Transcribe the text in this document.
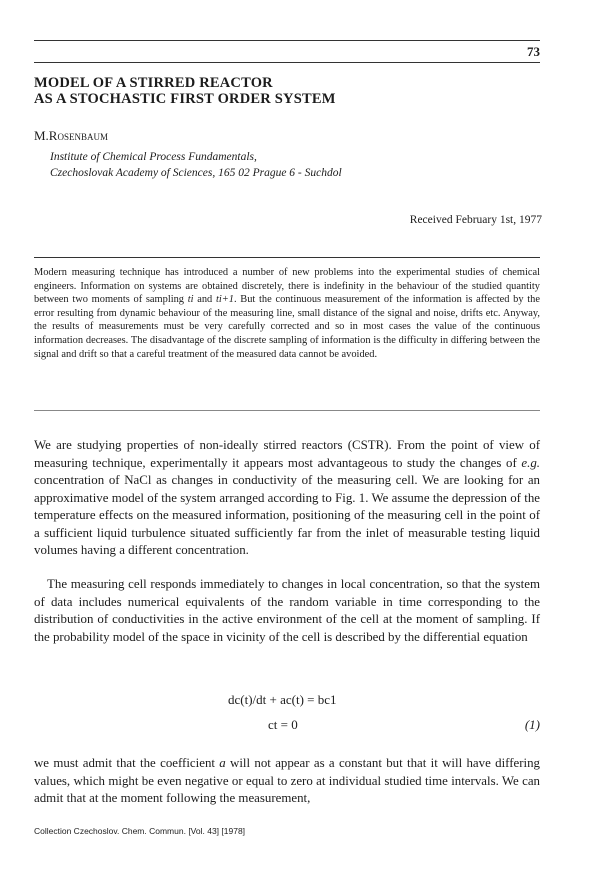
73
MODEL OF A STIRRED REACTOR
AS A STOCHASTIC FIRST ORDER SYSTEM
M.Rosenbaum
Institute of Chemical Process Fundamentals,
Czechoslovak Academy of Sciences, 165 02 Prague 6 - Suchdol
Received February 1st, 1977

Modern measuring technique has introduced a number of new problems into the experimental studies of chemical engineers. Information on systems are obtained discretely, there is indefinity in the behaviour of the studied quantity between two moments of sampling ti and ti+1. But the continuous measurement of the information is affected by the error resulting from dynamic behaviour of the measuring line, small distance of the signal and noise, drifts etc. Anyway, the results of measurements must be very carefully corrected and so in most cases the value of the continuous information decreases. The disadvantage of the discrete sampling of information is the difficulty in differing between the signal and drift so that a careful treatment of the measured data cannot be avoided.

We are studying properties of non-ideally stirred reactors (CSTR). From the point of view of measuring technique, experimentally it appears most advantageous to study the changes of e.g. concentration of NaCl as changes in conductivity of the measuring cell. We are looking for an approximative model of the system arranged according to Fig. 1. We assume the depression of the temperature effects on the measured information, positioning of the measuring cell in the point of a sufficient liquid turbulence situated sufficiently far from the inlet of measurable testing liquid volumes having a different concentration.

The measuring cell responds immediately to changes in local concentration, so that the system of data includes numerical equivalents of the random variable in time corresponding to the distribution of conductivities in the active environment of the cell at the moment of sampling. If the probability model of the space in vicinity of the cell is described by the differential equation

dc(t)/dt + ac(t) = bc1
ct = 0	(1)

we must admit that the coefficient a will not appear as a constant but that it will have differing values, which might be even negative or equal to zero at individual studied time intervals. We can admit that at the moment following the measurement,

Collection Czechoslov. Chem. Commun. [Vol. 43] [1978]
